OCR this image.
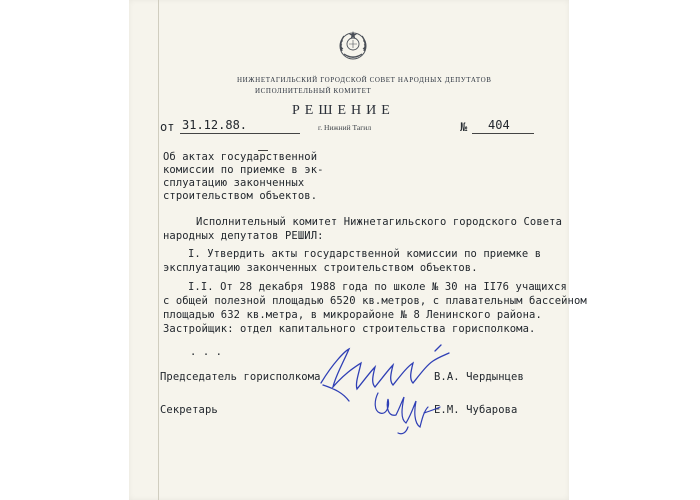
НИЖНЕТАГИЛЬСКИЙ ГОРОДСКОЙ СОВЕТ НАРОДНЫХ ДЕПУТАТОВ
ИСПОЛНИТЕЛЬНЫЙ КОМИТЕТ
РЕШЕНИЕ
от 31.12.88.	г. Нижний Тагил	№ 404
Об актах государственной
комиссии по приемке в эк-
сплуатацию законченных
строительством объектов.
Исполнительный комитет Нижнетагильского городского Совета
народных депутатов РЕШИЛ:
I. Утвердить акты государственной комиссии по приемке в
эксплуатацию законченных строительством объектов.
I.I. От 28 декабря 1988 года по школе № 30 на II76 учащихся
с общей полезной площадью 6520 кв.метров, с плавательным бассейном
площадью 632 кв.метра, в микрорайоне № 8 Ленинского района.
Застройщик: отдел капитального строительства горисполкома.
. . .
Председатель горисполкома	В.А. Чердынцев
Секретарь	Е.М. Чубарова
